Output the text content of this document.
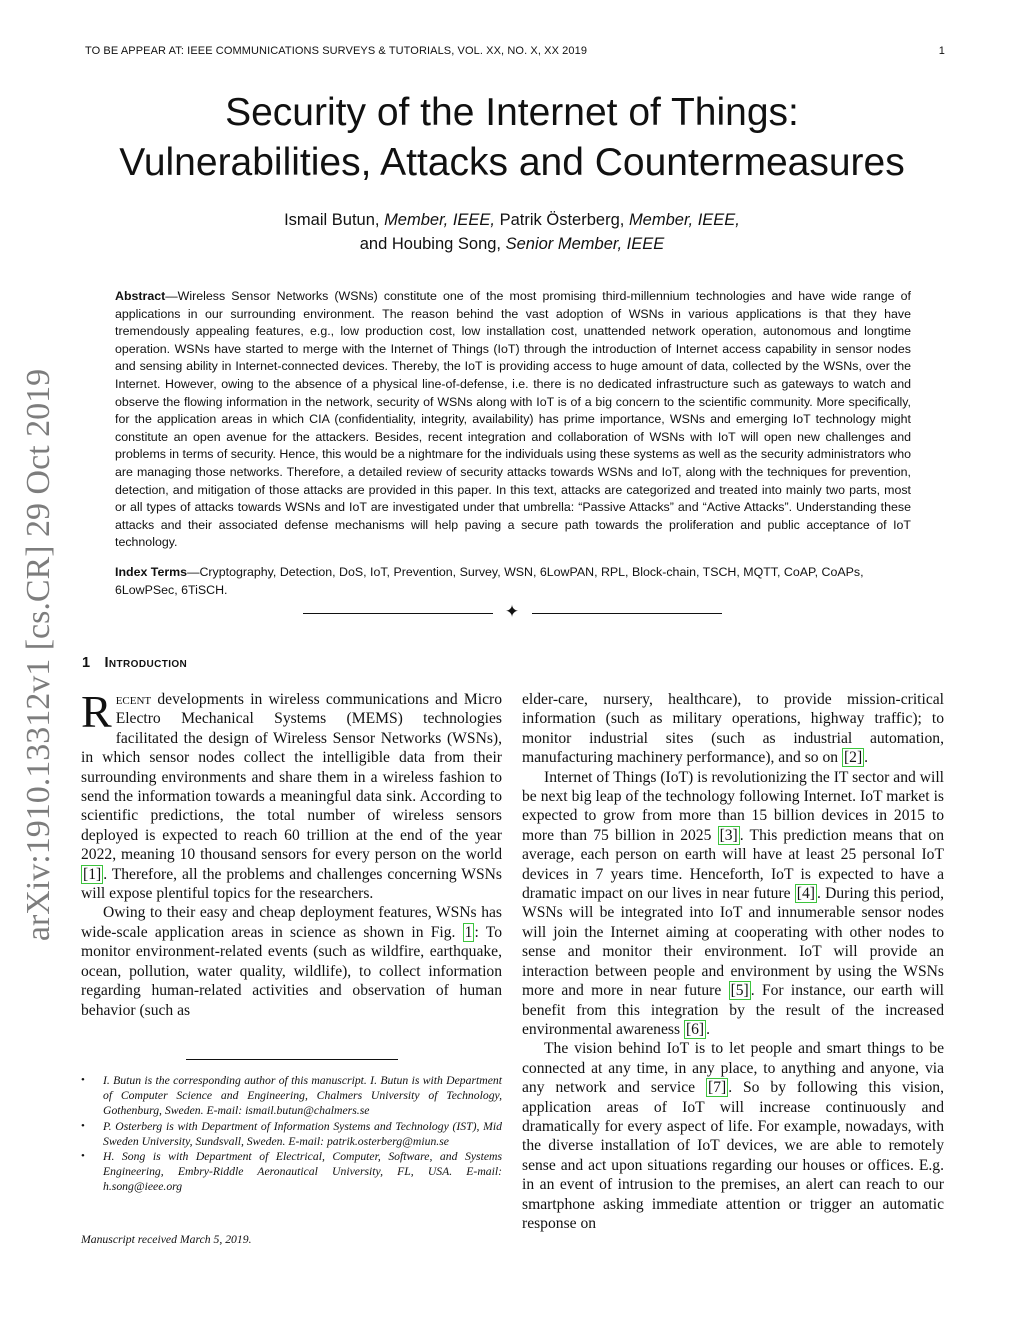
TO BE APPEAR AT: IEEE COMMUNICATIONS SURVEYS & TUTORIALS, VOL. XX, NO. X, XX 2019	1
Security of the Internet of Things:
Vulnerabilities, Attacks and Countermeasures
Ismail Butun, Member, IEEE, Patrik Österberg, Member, IEEE,
and Houbing Song, Senior Member, IEEE

Abstract—Wireless Sensor Networks (WSNs) constitute one of the most promising third-millennium technologies and have wide range of applications in our surrounding environment. The reason behind the vast adoption of WSNs in various applications is that they have tremendously appealing features, e.g., low production cost, low installation cost, unattended network operation, autonomous and longtime operation. WSNs have started to merge with the Internet of Things (IoT) through the introduction of Internet access capability in sensor nodes and sensing ability in Internet-connected devices. Thereby, the IoT is providing access to huge amount of data, collected by the WSNs, over the Internet. However, owing to the absence of a physical line-of-defense, i.e. there is no dedicated infrastructure such as gateways to watch and observe the flowing information in the network, security of WSNs along with IoT is of a big concern to the scientific community. More specifically, for the application areas in which CIA (confidentiality, integrity, availability) has prime importance, WSNs and emerging IoT technology might constitute an open avenue for the attackers. Besides, recent integration and collaboration of WSNs with IoT will open new challenges and problems in terms of security. Hence, this would be a nightmare for the individuals using these systems as well as the security administrators who are managing those networks. Therefore, a detailed review of security attacks towards WSNs and IoT, along with the techniques for prevention, detection, and mitigation of those attacks are provided in this paper. In this text, attacks are categorized and treated into mainly two parts, most or all types of attacks towards WSNs and IoT are investigated under that umbrella: “Passive Attacks” and “Active Attacks”. Understanding these attacks and their associated defense mechanisms will help paving a secure path towards the proliferation and public acceptance of IoT technology.

Index Terms—Cryptography, Detection, DoS, IoT, Prevention, Survey, WSN, 6LowPAN, RPL, Block-chain, TSCH, MQTT, CoAP, CoAPs, 6LowPSec, 6TiSCH.

✦
1 Introduction

Recent developments in wireless communications and Micro Electro Mechanical Systems (MEMS) technologies facilitated the design of Wireless Sensor Networks (WSNs), in which sensor nodes collect the intelligible data from their surrounding environments and share them in a wireless fashion to send the information towards a meaningful data sink. According to scientific predictions, the total number of wireless sensors deployed is expected to reach 60 trillion at the end of the year 2022, meaning 10 thousand sensors for every person on the world [1] . Therefore, all the problems and challenges concerning WSNs will expose plentiful topics for the researchers.

Owing to their easy and cheap deployment features, WSNs has wide-scale application areas in science as shown in Fig. 1 : To monitor environment-related events (such as wildfire, earthquake, ocean, pollution, water quality, wildlife), to collect information regarding human-related activities and observation of human behavior (such as

elder-care, nursery, healthcare), to provide mission-critical information (such as military operations, highway traffic); to monitor industrial sites (such as industrial automation, manufacturing machinery performance), and so on [2] .

Internet of Things (IoT) is revolutionizing the IT sector and will be next big leap of the technology following Internet. IoT market is expected to grow from more than 15 billion devices in 2015 to more than 75 billion in 2025 [3] . This prediction means that on average, each person on earth will have at least 25 personal IoT devices in 7 years time. Henceforth, IoT is expected to have a dramatic impact on our lives in near future [4] . During this period, WSNs will be integrated into IoT and innumerable sensor nodes will join the Internet aiming at cooperating with other nodes to sense and monitor their environment. IoT will provide an interaction between people and environment by using the WSNs more and more in near future [5] . For instance, our earth will benefit from this integration by the result of the increased environmental awareness [6] .

The vision behind IoT is to let people and smart things to be connected at any time, in any place, to anything and anyone, via any network and service [7] . So by following this vision, application areas of IoT will increase continuously and dramatically for every aspect of life. For example, nowadays, with the diverse installation of IoT devices, we are able to remotely sense and act upon situations regarding our houses or offices. E.g. in an event of intrusion to the premises, an alert can reach to our smartphone asking immediate attention or trigger an automatic response on

• I. Butun is the corresponding author of this manuscript. I. Butun is with Department of Computer Science and Engineering, Chalmers University of Technology, Gothenburg, Sweden. E-mail: ismail.butun@chalmers.se
• P. Osterberg is with Department of Information Systems and Technology (IST), Mid Sweden University, Sundsvall, Sweden. E-mail: patrik.osterberg@miun.se
• H. Song is with Department of Electrical, Computer, Software, and Systems Engineering, Embry-Riddle Aeronautical University, FL, USA. E-mail: h.song@ieee.org
Manuscript received March 5, 2019.
arXiv:1910.13312v1 [cs.CR] 29 Oct 2019
